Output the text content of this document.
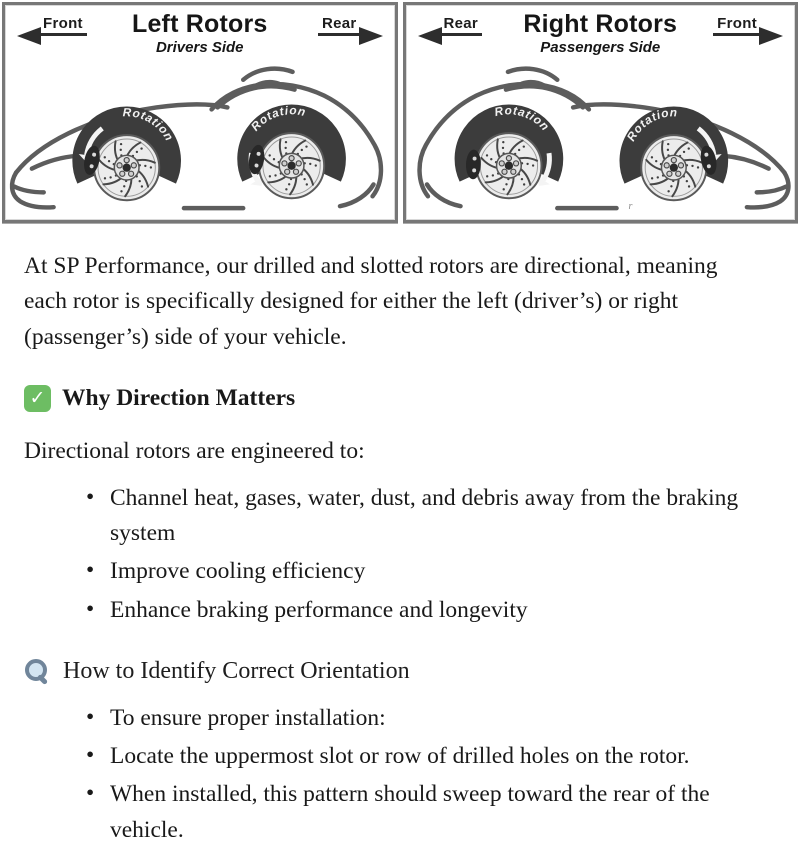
Front	Left Rotors
Drivers Side
Rear
Rotation
Rotation
Rear	Right Rotors
Passengers Side
Front
Rotation
Rotation
r

At SP Performance, our drilled and slotted rotors are directional, meaning each rotor is specifically designed for either the left (driver’s) or right (passenger’s) side of your vehicle.

✓
Why Direction Matters

Directional rotors are engineered to:

• Channel heat, gases, water, dust, and debris away from the braking system
• Improve cooling efficiency
• Enhance braking performance and longevity
How to Identify Correct Orientation
• To ensure proper installation:
• Locate the uppermost slot or row of drilled holes on the rotor.
• When installed, this pattern should sweep toward the rear of the vehicle.
